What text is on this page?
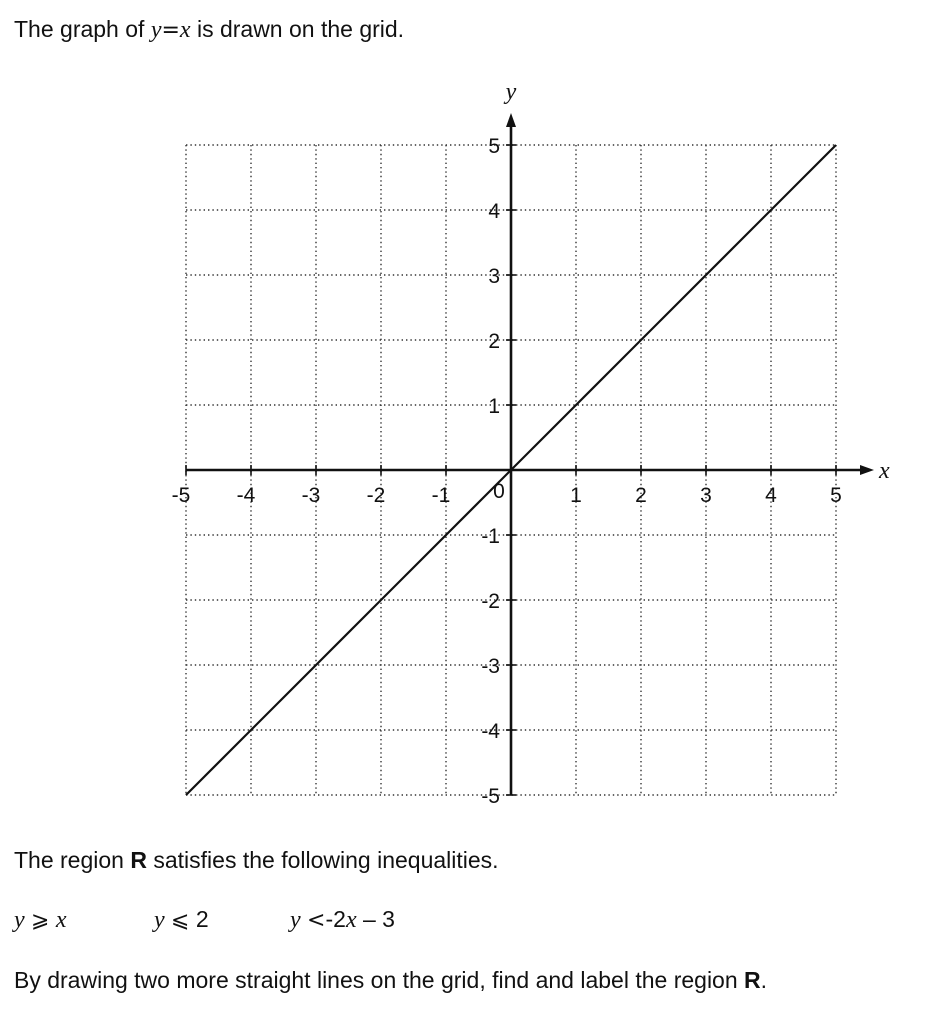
The graph of y=x is drawn on the grid.
-5 -4 -3 -2 -1	1	2	3	4	5
5
4
3
2
1
-1
-2
-3
-4
-5
0
x
y
The region R satisfies the following inequalities.
y ⩾ x	y ⩽ 2	y <-2x – 3
By drawing two more straight lines on the grid, find and label the region R.
